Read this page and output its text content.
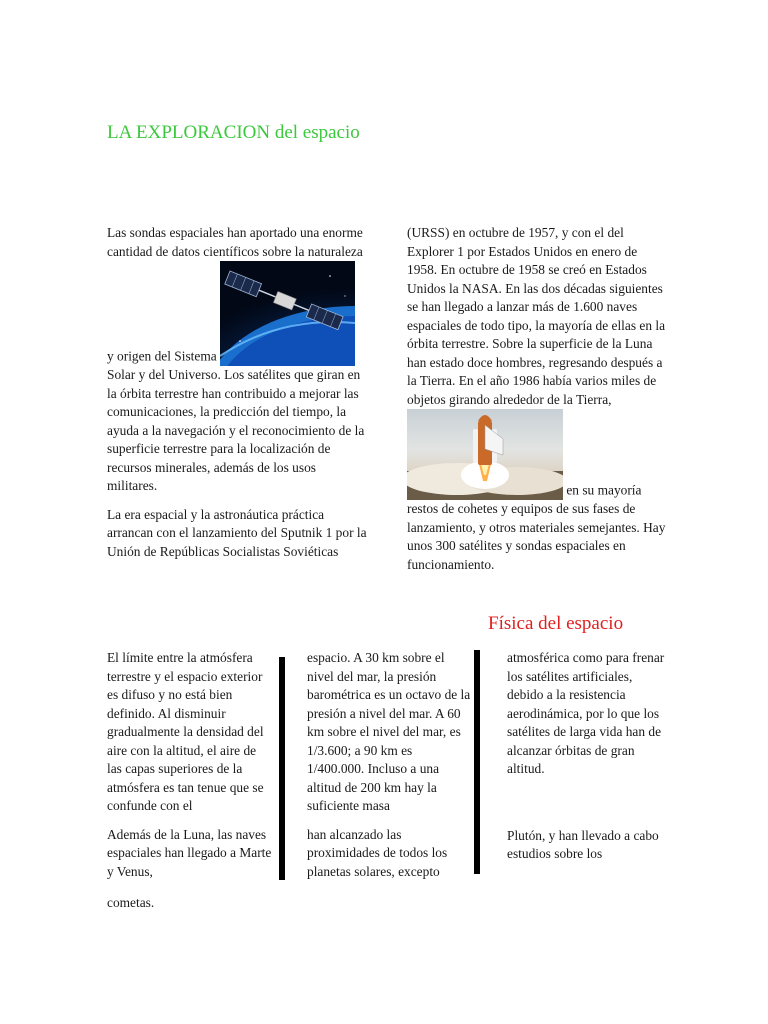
LA EXPLORACION del espacio

Las sondas espaciales han aportado una enorme cantidad de datos científicos sobre la naturaleza y origen del Sistema  Solar y del Universo. Los satélites que giran en la órbita terrestre han contribuido a mejorar las comunicaciones, la predicción del tiempo, la ayuda a la navegación y el reconocimiento de la superficie terrestre para la localización de recursos minerales, además de los usos militares.

La era espacial y la astronáutica práctica arrancan con el lanzamiento del Sputnik 1 por la Unión de Repúblicas Socialistas Soviéticas

(URSS) en octubre de 1957, y con el del Explorer 1 por Estados Unidos en enero de 1958. En octubre de 1958 se creó en Estados Unidos la NASA. En las dos décadas siguientes se han llegado a lanzar más de 1.600 naves espaciales de todo tipo, la mayoría de ellas en la órbita terrestre. Sobre la superficie de la Luna han estado doce hombres, regresando después a la Tierra. En el año 1986 había varios miles de objetos girando alrededor de la Tierra,  en su mayoría restos de cohetes y equipos de sus fases de lanzamiento, y otros materiales semejantes. Hay unos 300 satélites y sondas espaciales en funcionamiento.

Física del espacio

El límite entre la atmósfera terrestre y el espacio exterior es difuso y no está bien definido. Al disminuir gradualmente la densidad del aire con la altitud, el aire de las capas superiores de la atmósfera es tan tenue que se confunde con el

Además de la Luna, las naves espaciales han llegado a Marte y Venus,

espacio. A 30 km sobre el nivel del mar, la presión barométrica es un octavo de la presión a nivel del mar. A 60 km sobre el nivel del mar, es 1/3.600; a 90 km es 1/400.000. Incluso a una altitud de 200 km hay la suficiente masa

han alcanzado las proximidades de todos los planetas solares, excepto

atmosférica como para frenar los satélites artificiales, debido a la resistencia aerodinámica, por lo que los satélites de larga vida han de alcanzar órbitas de gran altitud.

Plutón, y han llevado a cabo estudios sobre los

cometas.
